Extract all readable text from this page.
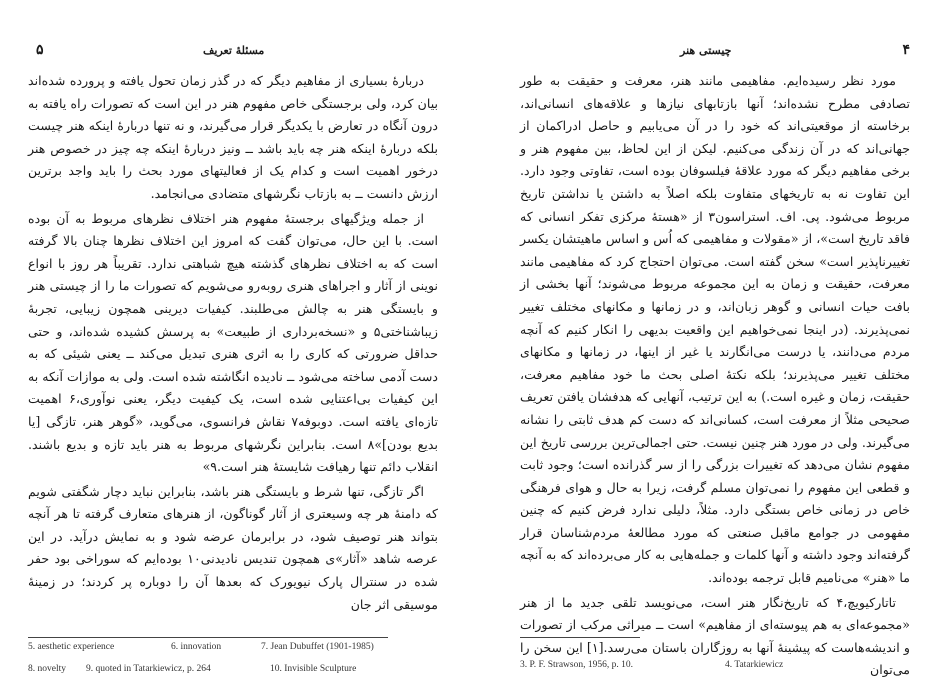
۵	مسئلهٔ تعریف

دربارهٔ بسیاری از مفاهیم دیگر که در گذر زمان تحول یافته و پرورده شده‌اند بیان کرد، ولی برجستگی خاص مفهوم هنر در این است که تصورات راه یافته به درون آنگاه در تعارض با یکدیگر قرار می‌گیرند، و نه تنها دربارهٔ اینکه هنر چیست بلکه دربارهٔ اینکه هنر چه باید باشد ــ ونیز دربارهٔ اینکه چه چیز در خصوص هنر درخور اهمیت است و کدام یک از فعالیتهای مورد بحث را باید واجد برترین ارزش دانست ــ به بازتاب نگرشهای متضادی می‌انجامد.

از جمله ویژگیهای برجستهٔ مفهوم هنر اختلاف نظرهای مربوط به آن بوده است. با این حال، می‌توان گفت که امروز این اختلاف نظرها چنان بالا گرفته است که به اختلاف نظرهای گذشته هیچ شباهتی ندارد. تقریباً هر روز با انواع نوینی از آثار و اجراهای هنری روبه‌رو می‌شویم که تصورات ما را از چیستی هنر و بایستگی هنر به چالش می‌طلبند. کیفیات دیرینی همچون زیبایی، تجربهٔ زیباشناختی۵ و «نسخه‌برداری از طبیعت» به پرسش کشیده شده‌اند، و حتی حداقل ضرورتی که کاری را به اثری هنری تبدیل می‌کند ــ یعنی شیئی که به دست آدمی ساخته می‌شود ــ نادیده انگاشته شده است. ولی به موازات آنکه به این کیفیات بی‌اعتنایی شده است، یک کیفیت دیگر، یعنی نوآوری،۶ اهمیت تازه‌ای یافته است. دوبوفه۷ نقاش فرانسوی، می‌گوید، «گوهر هنر، تازگی [یا بدیع بودن]»۸ است. بنابراین نگرشهای مربوط به هنر باید تازه و بدیع باشند. انقلاب دائم تنها رهیافت شایستهٔ هنر است.۹»

اگر تازگی، تنها شرط و بایستگی هنر باشد، بنابراین نباید دچار شگفتی شویم که دامنهٔ هر چه وسیعتری از آثار گوناگون، از هنرهای متعارف گرفته تا هر آنچه بتواند هنر توصیف شود، در برابرمان عرضه شود و به نمایش درآید. در این عرصه شاهد «آثار»ی همچون تندیس نادیدنی۱۰ بوده‌ایم که سوراخی بود حفر شده در سنترال پارک نیویورک که بعدها آن را دوباره پر کردند؛ در زمینهٔ موسیقی اثر جان

5. aesthetic experience	6. innovation	7. Jean Dubuffet (1901-1985)
8. novelty 9. quoted in Tatarkiewicz, p. 264	10. Invisible Sculpture
چیستی هنر	۴

مورد نظر رسیده‌ایم. مفاهیمی مانند هنر، معرفت و حقیقت به طور تصادفی مطرح نشده‌اند؛ آنها بازتابهای نیازها و علاقه‌های انسانی‌اند، برخاسته از موقعیتی‌اند که خود را در آن می‌یابیم و حاصل ادراکمان از جهانی‌اند که در آن زندگی می‌کنیم. لیکن از این لحاظ، بین مفهوم هنر و برخی مفاهیم دیگر که مورد علاقهٔ فیلسوفان بوده است، تفاوتی وجود دارد. این تفاوت نه به تاریخهای متفاوت بلکه اصلاً به داشتن یا نداشتن تاریخ مربوط می‌شود. پی. اف. استراسون۳ از «هستهٔ مرکزی تفکر انسانی که فاقد تاریخ است»، از «مقولات و مفاهیمی که اُس و اساس ماهیتشان یکسر تغییرناپذیر است» سخن گفته است. می‌توان احتجاج کرد که مفاهیمی مانند معرفت، حقیقت و زمان به این مجموعه مربوط می‌شوند؛ آنها بخشی از بافت حیات انسانی و گوهر زبان‌اند، و در زمانها و مکانهای مختلف تغییر نمی‌پذیرند. (در اینجا نمی‌خواهیم این واقعیت بدیهی را انکار کنیم که آنچه مردم می‌دانند، یا درست می‌انگارند یا غیر از اینها، در زمانها و مکانهای مختلف تغییر می‌پذیرند؛ بلکه نکتهٔ اصلی بحث ما خود مفاهیم معرفت، حقیقت، زمان و غیره است.) به این ترتیب، آنهایی که هدفشان یافتن تعریف صحیحی مثلاً از معرفت است، کسانی‌اند که دست کم هدف ثابتی را نشانه می‌گیرند. ولی در مورد هنر چنین نیست. حتی اجمالی‌ترین بررسی تاریخ این مفهوم نشان می‌دهد که تغییرات بزرگی را از سر گذرانده است؛ وجود ثابت و قطعی این مفهوم را نمی‌توان مسلم گرفت، زیرا به حال و هوای فرهنگی خاص در زمانی خاص بستگی دارد. مثلاً، دلیلی ندارد فرض کنیم که چنین مفهومی در جوامع ماقبل صنعتی که مورد مطالعهٔ مردم‌شناسان قرار گرفته‌اند وجود داشته و آنها کلمات و جمله‌هایی به کار می‌برده‌اند که به آنچه ما «هنر» می‌نامیم قابل ترجمه بوده‌اند.

تاتارکیویچ،۴ که تاریخ‌نگار هنر است، می‌نویسد تلقی جدید ما از هنر «مجموعه‌ای به هم پیوسته‌ای از مفاهیم» است ــ میراثی مرکب از تصورات و اندیشه‌هاست که پیشینهٔ آنها به روزگاران باستان می‌رسد.[۱] این سخن را می‌توان

3. P. F. Strawson, 1956, p. 10.	4. Tatarkiewicz
